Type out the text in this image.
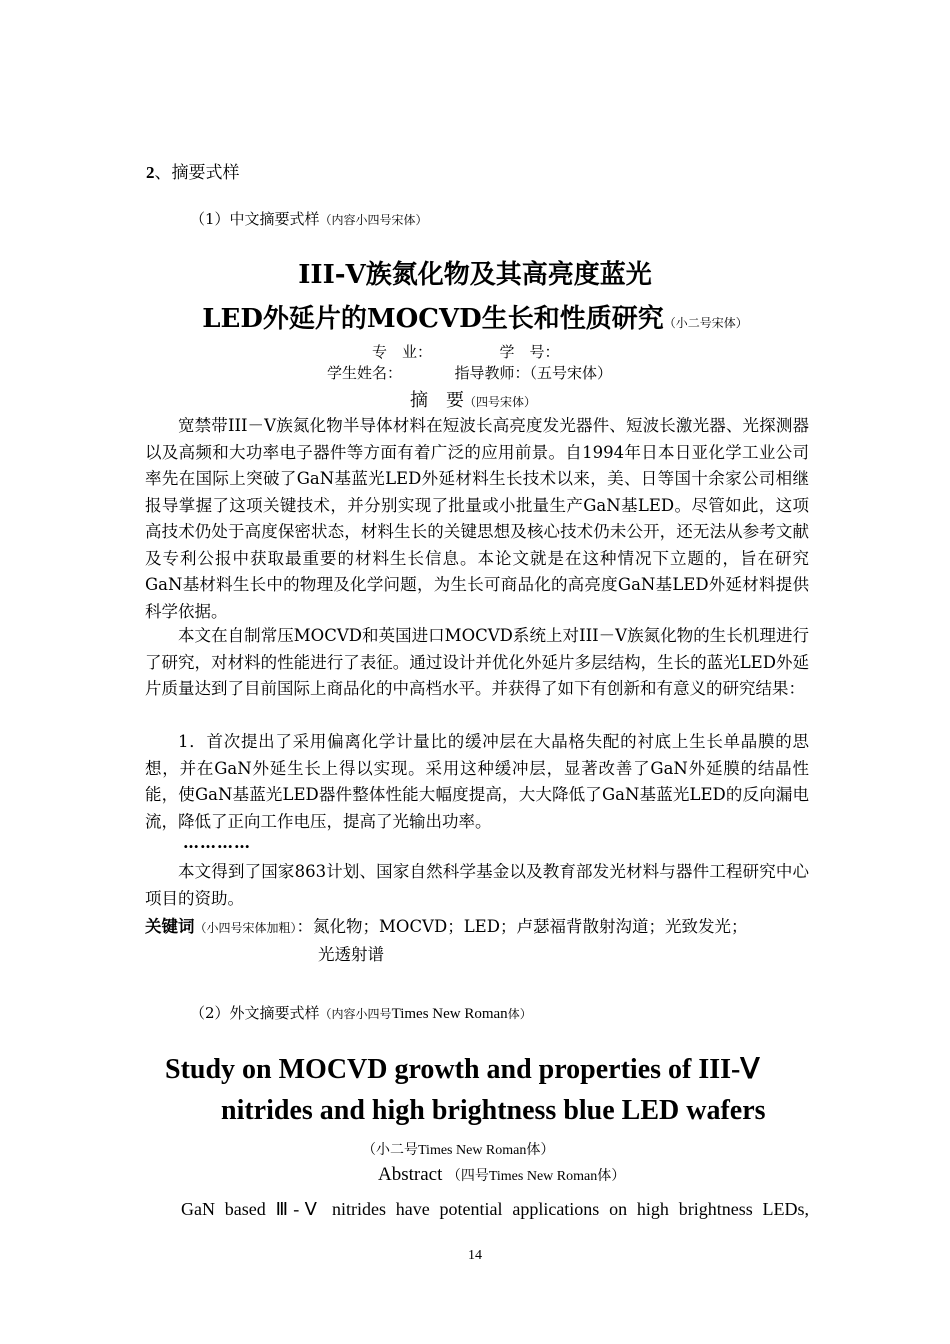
2、摘要式样
（1）中文摘要式样（内容小四号宋体）
III-Ⅴ族氮化物及其高亮度蓝光
LED外延片的MOCVD生长和性质研究（小二号宋体）
专　业：　　　　　学　号：
学生姓名：　　　　指导教师：（五号宋体）
摘　要（四号宋体）

宽禁带III－Ⅴ族氮化物半导体材料在短波长高亮度发光器件、短波长激光器、光探测器以及高频和大功率电子器件等方面有着广泛的应用前景。自1994年日本日亚化学工业公司率先在国际上突破了GaN基蓝光LED外延材料生长技术以来，美、日等国十余家公司相继报导掌握了这项关键技术，并分别实现了批量或小批量生产GaN基LED。尽管如此，这项高技术仍处于高度保密状态，材料生长的关键思想及核心技术仍未公开，还无法从参考文献及专利公报中获取最重要的材料生长信息。本论文就是在这种情况下立题的，旨在研究GaN基材料生长中的物理及化学问题，为生长可商品化的高亮度GaN基LED外延材料提供科学依据。

本文在自制常压MOCVD和英国进口MOCVD系统上对III－Ⅴ族氮化物的生长机理进行了研究，对材料的性能进行了表征。通过设计并优化外延片多层结构，生长的蓝光LED外延片质量达到了目前国际上商品化的中高档水平。并获得了如下有创新和有意义的研究结果：

1．首次提出了采用偏离化学计量比的缓冲层在大晶格失配的衬底上生长单晶膜的思想，并在GaN外延生长上得以实现。采用这种缓冲层，显著改善了GaN外延膜的结晶性能，使GaN基蓝光LED器件整体性能大幅度提高，大大降低了GaN基蓝光LED的反向漏电流，降低了正向工作电压，提高了光输出功率。

…………

本文得到了国家863计划、国家自然科学基金以及教育部发光材料与器件工程研究中心项目的资助。

关键词（小四号宋体加粗）：氮化物；MOCVD；LED；卢瑟福背散射沟道；光致发光；
光透射谱
（2）外文摘要式样（内容小四号Times New Roman体）
Study on MOCVD growth and properties of III-Ⅴ
nitrides and high brightness blue LED wafers
（小二号Times New Roman体）
Abstract （四号Times New Roman体）
GaN based Ⅲ-Ⅴ nitrides have potential applications on high brightness LEDs,
14
